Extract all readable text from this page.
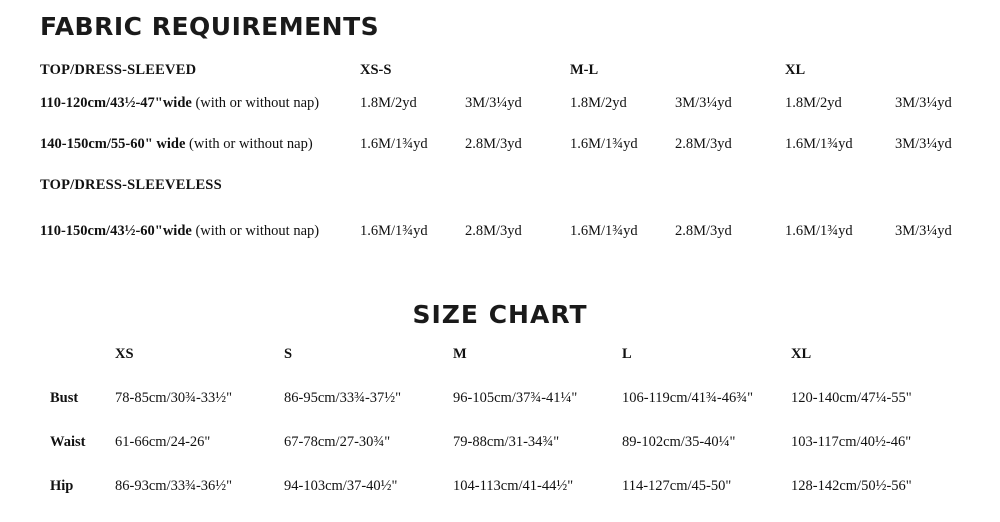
FABRIC REQUIREMENTS
TOP/DRESS-SLEEVED	XS-S		M-L		XL	
110-120cm/43½-47"wide (with or without nap)	1.8M/2yd	3M/3¼yd	1.8M/2yd	3M/3¼yd	1.8M/2yd	3M/3¼yd
140-150cm/55-60" wide (with or without nap)	1.6M/1¾yd	2.8M/3yd	1.6M/1¾yd	2.8M/3yd	1.6M/1¾yd	3M/3¼yd
TOP/DRESS-SLEEVELESS						
110-150cm/43½-60"wide (with or without nap)	1.6M/1¾yd	2.8M/3yd	1.6M/1¾yd	2.8M/3yd	1.6M/1¾yd	3M/3¼yd
SIZE CHART
	XS	S	M	L	XL
Bust	78-85cm/30¾-33½"	86-95cm/33¾-37½"	96-105cm/37¾-41¼"	106-119cm/41¾-46¾"	120-140cm/47¼-55"
Waist	61-66cm/24-26"	67-78cm/27-30¾"	79-88cm/31-34¾"	89-102cm/35-40¼"	103-117cm/40½-46"
Hip	86-93cm/33¾-36½"	94-103cm/37-40½"	104-113cm/41-44½"	114-127cm/45-50"	128-142cm/50½-56"
